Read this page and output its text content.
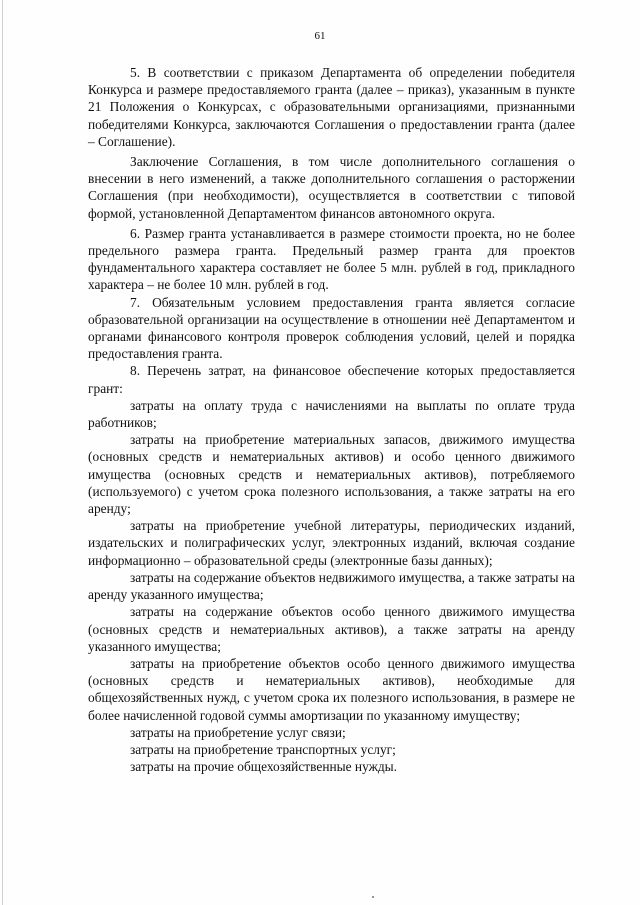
61

5. В соответствии с приказом Департамента об определении победителя Конкурса и размере предоставляемого гранта (далее – приказ), указанным в пункте 21 Положения о Конкурсах, с образовательными организациями, признанными победителями Конкурса, заключаются Соглашения о предоставлении гранта (далее – Соглашение).

Заключение Соглашения, в том числе дополнительного соглашения о внесении в него изменений, а также дополнительного соглашения о расторжении Соглашения (при необходимости), осуществляется в соответствии с типовой формой, установленной Департаментом финансов автономного округа.

6. Размер гранта устанавливается в размере стоимости проекта, но не более предельного размера гранта. Предельный размер гранта для проектов фундаментального характера составляет не более 5 млн. рублей в год, прикладного характера – не более 10 млн. рублей в год.

7. Обязательным условием предоставления гранта является согласие образовательной организации на осуществление в отношении неё Департаментом и органами финансового контроля проверок соблюдения условий, целей и порядка предоставления гранта.

8. Перечень затрат, на финансовое обеспечение которых предоставляется грант:

затраты на оплату труда с начислениями на выплаты по оплате труда работников;

затраты на приобретение материальных запасов, движимого имущества (основных средств и нематериальных активов) и особо ценного движимого имущества (основных средств и нематериальных активов), потребляемого (используемого) с учетом срока полезного использования, а также затраты на его аренду;

затраты на приобретение учебной литературы, периодических изданий, издательских и полиграфических услуг, электронных изданий, включая создание информационно – образовательной среды (электронные базы данных);

затраты на содержание объектов недвижимого имущества, а также затраты на аренду указанного имущества;

затраты на содержание объектов особо ценного движимого имущества (основных средств и нематериальных активов), а также затраты на аренду указанного имущества;

затраты на приобретение объектов особо ценного движимого имущества (основных средств и нематериальных активов), необходимые для общехозяйственных нужд, с учетом срока их полезного использования, в размере не более начисленной годовой суммы амортизации по указанному имуществу;

затраты на приобретение услуг связи;

затраты на приобретение транспортных услуг;

затраты на прочие общехозяйственные нужды.
